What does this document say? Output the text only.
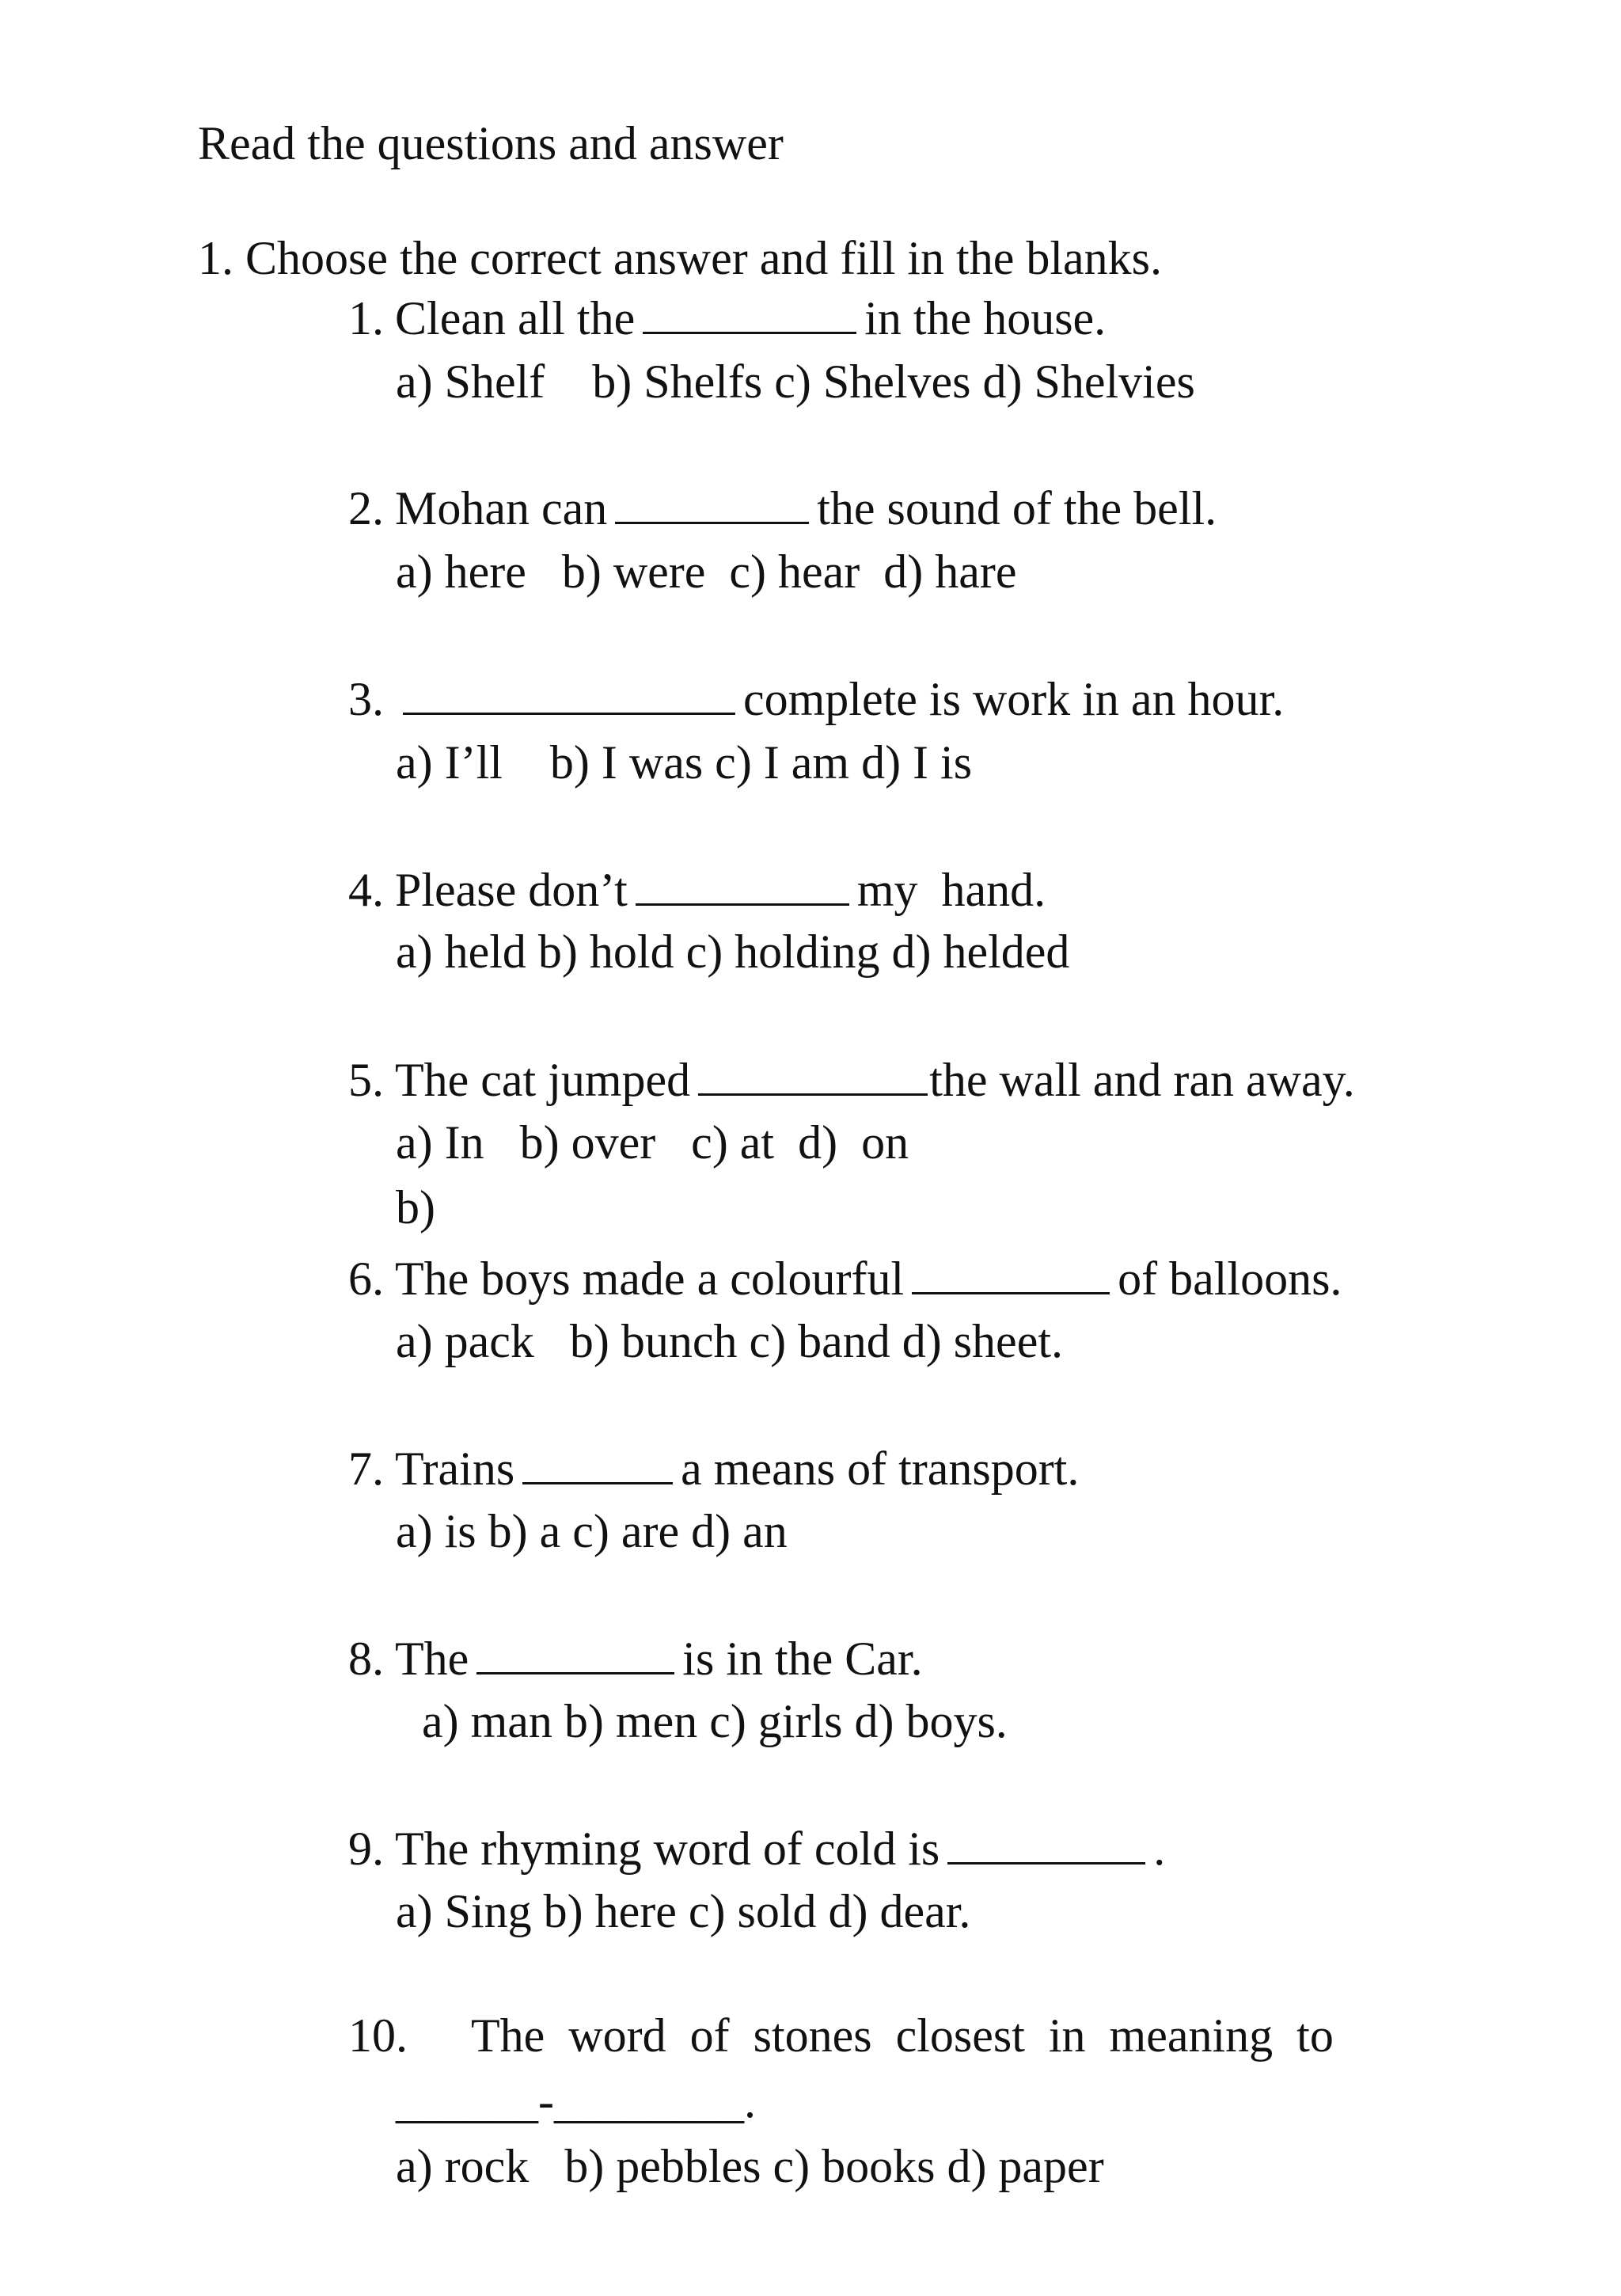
Read the questions and answer
1. Choose the correct answer and fill in the blanks.
1. Clean all the	in the house.
a) Shelf    b) Shelfs c) Shelves d) Shelvies
2. Mohan can	the sound of the bell.
a) here   b) were  c) hear  d) hare
3.	complete is work in an hour.
a) I’ll    b) I was c) I am d) I is
4. Please don’t	my  hand.
a) held b) hold c) holding d) helded
5. The cat jumped	the wall and ran away.
a) In   b) over   c) at  d)  on
b)
6. The boys made a colourful	of balloons.
a) pack   b) bunch c) band d) sheet.
7. Trains	a means of transport.
a) is b) a c) are d) an
8. The	is in the Car.
a) man b) men c) girls d) boys.
9. The rhyming word of cold is	.
a) Sing b) here c) sold d) dear.
10. The  word  of  stones  closest  in  meaning  to
______-________.
a) rock   b) pebbles c) books d) paper
